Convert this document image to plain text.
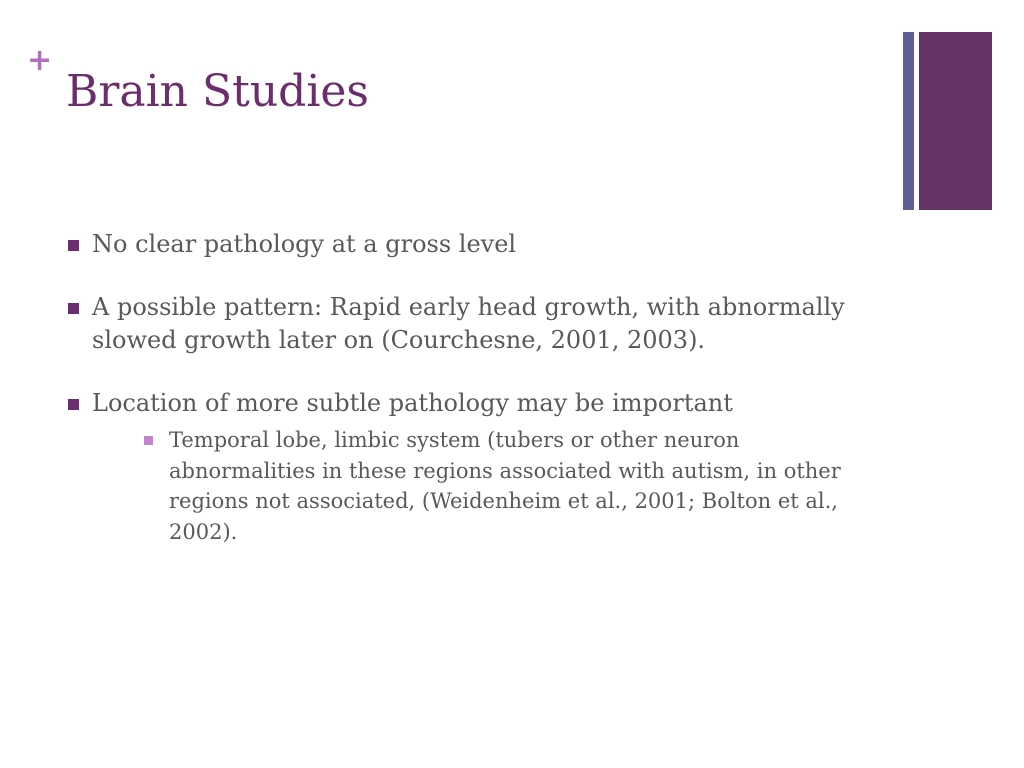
+
Brain Studies
No clear pathology at a gross level
A possible pattern: Rapid early head growth, with abnormally slowed growth later on (Courchesne, 2001, 2003).
Location of more subtle pathology may be important
Temporal lobe, limbic system (tubers or other neuron abnormalities in these regions associated with autism, in other regions not associated, (Weidenheim et al., 2001; Bolton et al., 2002).
